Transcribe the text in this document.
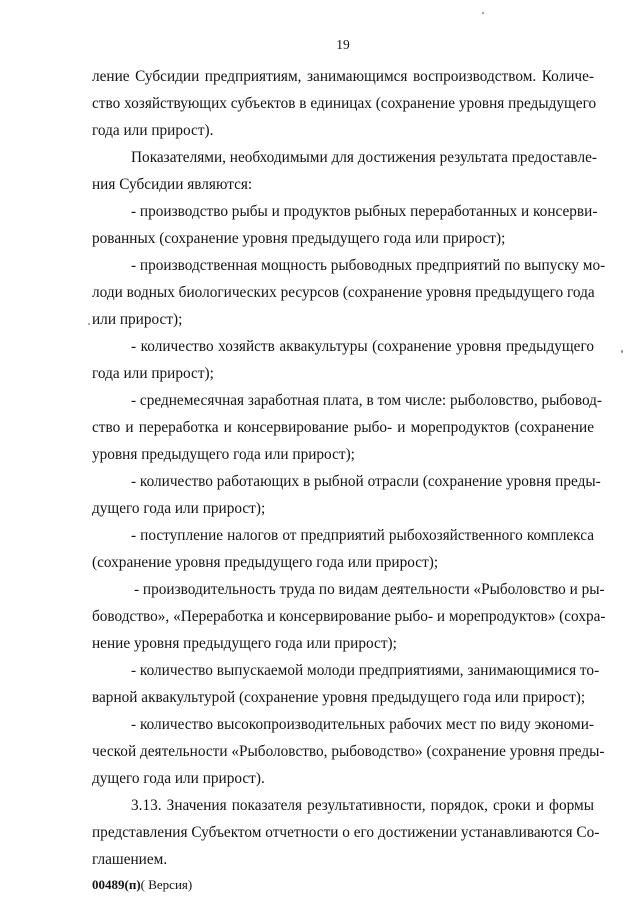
19
ление Субсидии предприятиям, занимающимся воспроизводством. Количе-
ство хозяйствующих субъектов в единицах (сохранение уровня предыдущего
года или прирост).
Показателями, необходимыми для достижения результата предоставле-
ния Субсидии являются:
- производство рыбы и продуктов рыбных переработанных и консерви-
рованных (сохранение уровня предыдущего года или прирост);
- производственная мощность рыбоводных предприятий по выпуску мо-
лоди водных биологических ресурсов (сохранение уровня предыдущего года
или прирост);
- количество хозяйств аквакультуры (сохранение уровня предыдущего
года или прирост);
- среднемесячная заработная плата, в том числе: рыболовство, рыбовод-
ство и переработка и консервирование рыбо- и морепродуктов (сохранение
уровня предыдущего года или прирост);
- количество работающих в рыбной отрасли (сохранение уровня преды-
дущего года или прирост);
- поступление налогов от предприятий рыбохозяйственного комплекса
(сохранение уровня предыдущего года или прирост);
- производительность труда по видам деятельности «Рыболовство и ры-
бoводство», «Переработка и консервирование рыбо- и морепродуктов» (сохра-
нение уровня предыдущего года или прирост);
- количество выпускаемой молоди предприятиями, занимающимися то-
варной аквакультурой (сохранение уровня предыдущего года или прирост);
- количество высокопроизводительных рабочих мест по виду экономи-
ческой деятельности «Рыболовство, рыбоводство» (сохранение уровня преды-
дущего года или прирост).
3.13. Значения показателя результативности, порядок, сроки и формы
представления Субъектом отчетности о его достижении устанавливаются Со-
глашением.
00489(п)( Версия)
